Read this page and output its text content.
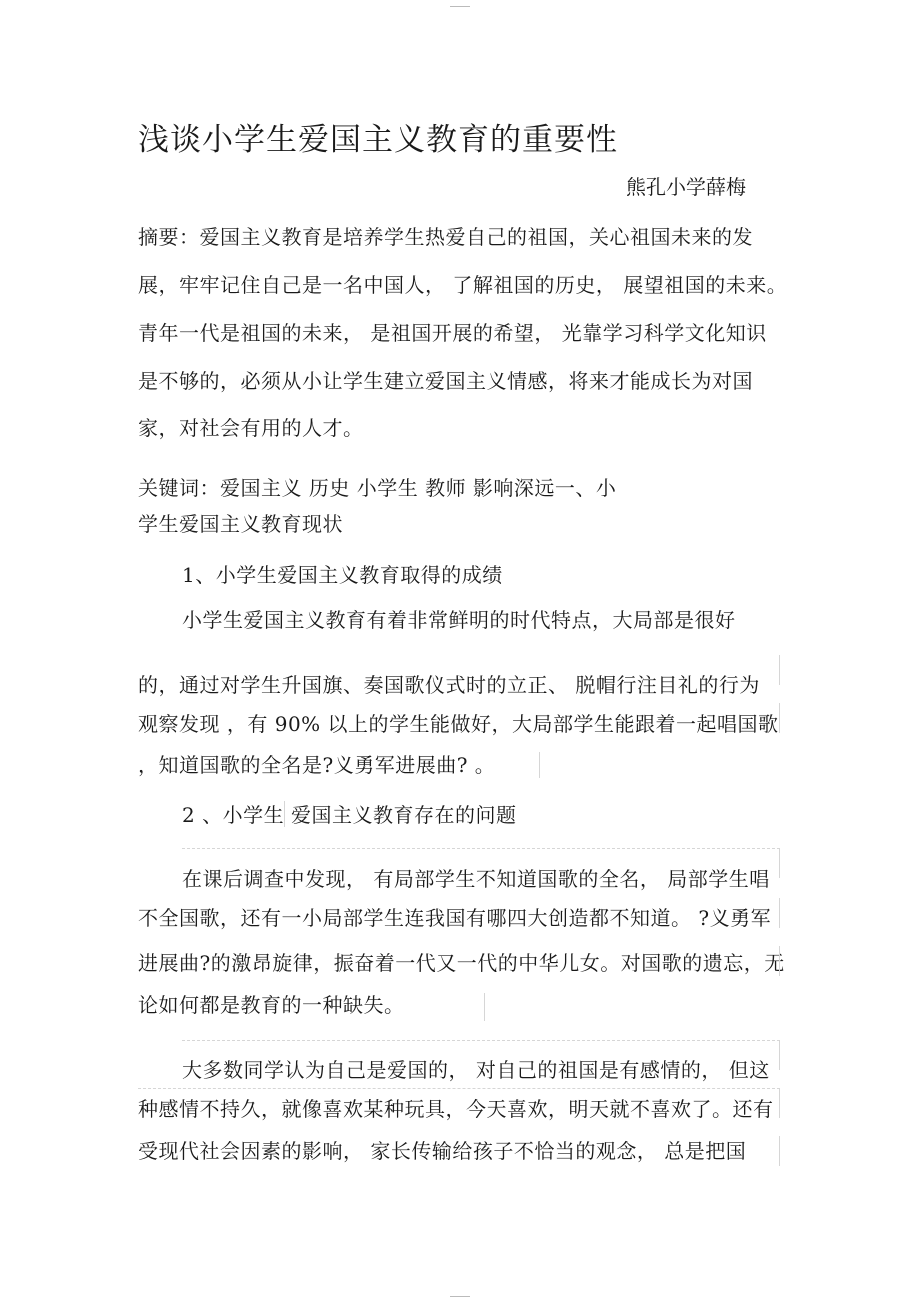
浅谈小学生爱国主义教育的重要性
熊孔小学薛梅
摘要：爱国主义教育是培养学生热爱自己的祖国，关心祖国未来的发
展，牢牢记住自己是一名中国人， 了解祖国的历史， 展望祖国的未来。
青年一代是祖国的未来， 是祖国开展的希望， 光靠学习科学文化知识
是不够的，必须从小让学生建立爱国主义情感，将来才能成长为对国
家，对社会有用的人才。
关键词：爱国主义 历史 小学生 教师 影响深远一、小
学生爱国主义教育现状
1、小学生爱国主义教育取得的成绩
小学生爱国主义教育有着非常鲜明的时代特点，大局部是很好
的，通过对学生升国旗、奏国歌仪式时的立正、 脱帽行注目礼的行为
观察发现 ，有 90% 以上的学生能做好，大局部学生能跟着一起唱国歌
，知道国歌的全名是?义勇军进展曲? 。
2 、小学生 爱国主义教育存在的问题
在课后调查中发现， 有局部学生不知道国歌的全名， 局部学生唱
不全国歌，还有一小局部学生连我国有哪四大创造都不知道。 ?义勇军
进展曲?的激昂旋律，振奋着一代又一代的中华儿女。对国歌的遗忘，无
论如何都是教育的一种缺失。
大多数同学认为自己是爱国的， 对自己的祖国是有感情的， 但这
种感情不持久，就像喜欢某种玩具，今天喜欢，明天就不喜欢了。还有
受现代社会因素的影响， 家长传输给孩子不恰当的观念， 总是把国
